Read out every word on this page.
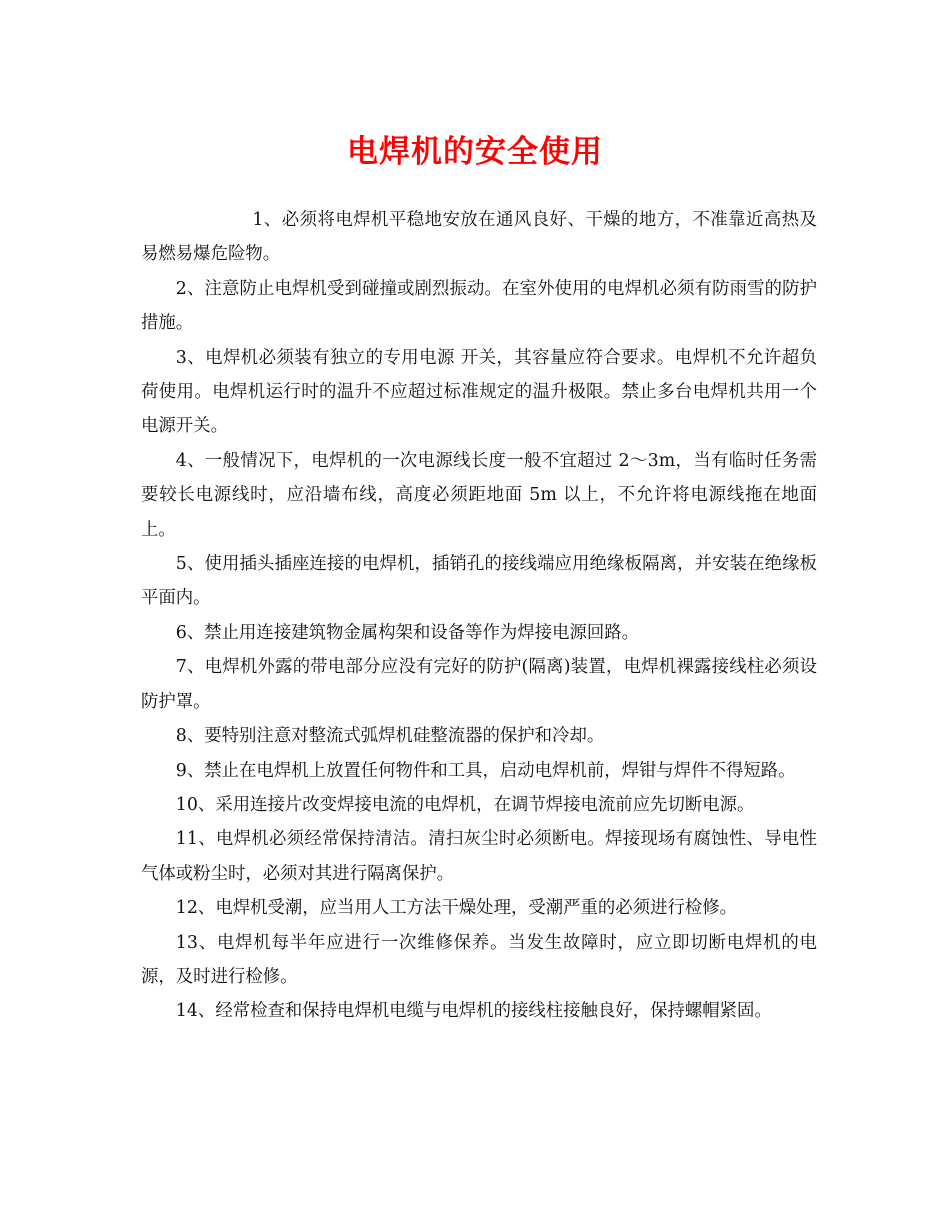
电焊机的安全使用

1、必须将电焊机平稳地安放在通风良好、干燥的地方，不准靠近高热及易燃易爆危险物。

2、注意防止电焊机受到碰撞或剧烈振动。在室外使用的电焊机必须有防雨雪的防护措施。

3、电焊机必须装有独立的专用电源 开关，其容量应符合要求。电焊机不允许超负荷使用。电焊机运行时的温升不应超过标准规定的温升极限。禁止多台电焊机共用一个电源开关。

4、一般情况下，电焊机的一次电源线长度一般不宜超过 2～3m，当有临时任务需要较长电源线时，应沿墙布线，高度必须距地面 5m 以上，不允许将电源线拖在地面上。

5、使用插头插座连接的电焊机，插销孔的接线端应用绝缘板隔离，并安装在绝缘板平面内。

6、禁止用连接建筑物金属构架和设备等作为焊接电源回路。

7、电焊机外露的带电部分应没有完好的防护(隔离)装置，电焊机裸露接线柱必须设防护罩。

8、要特别注意对整流式弧焊机硅整流器的保护和冷却。

9、禁止在电焊机上放置任何物件和工具，启动电焊机前，焊钳与焊件不得短路。

10、采用连接片改变焊接电流的电焊机，在调节焊接电流前应先切断电源。

11、电焊机必须经常保持清洁。清扫灰尘时必须断电。焊接现场有腐蚀性、导电性气体或粉尘时，必须对其进行隔离保护。

12、电焊机受潮，应当用人工方法干燥处理，受潮严重的必须进行检修。

13、电焊机每半年应进行一次维修保养。当发生故障时，应立即切断电焊机的电源，及时进行检修。

14、经常检查和保持电焊机电缆与电焊机的接线柱接触良好，保持螺帽紧固。
